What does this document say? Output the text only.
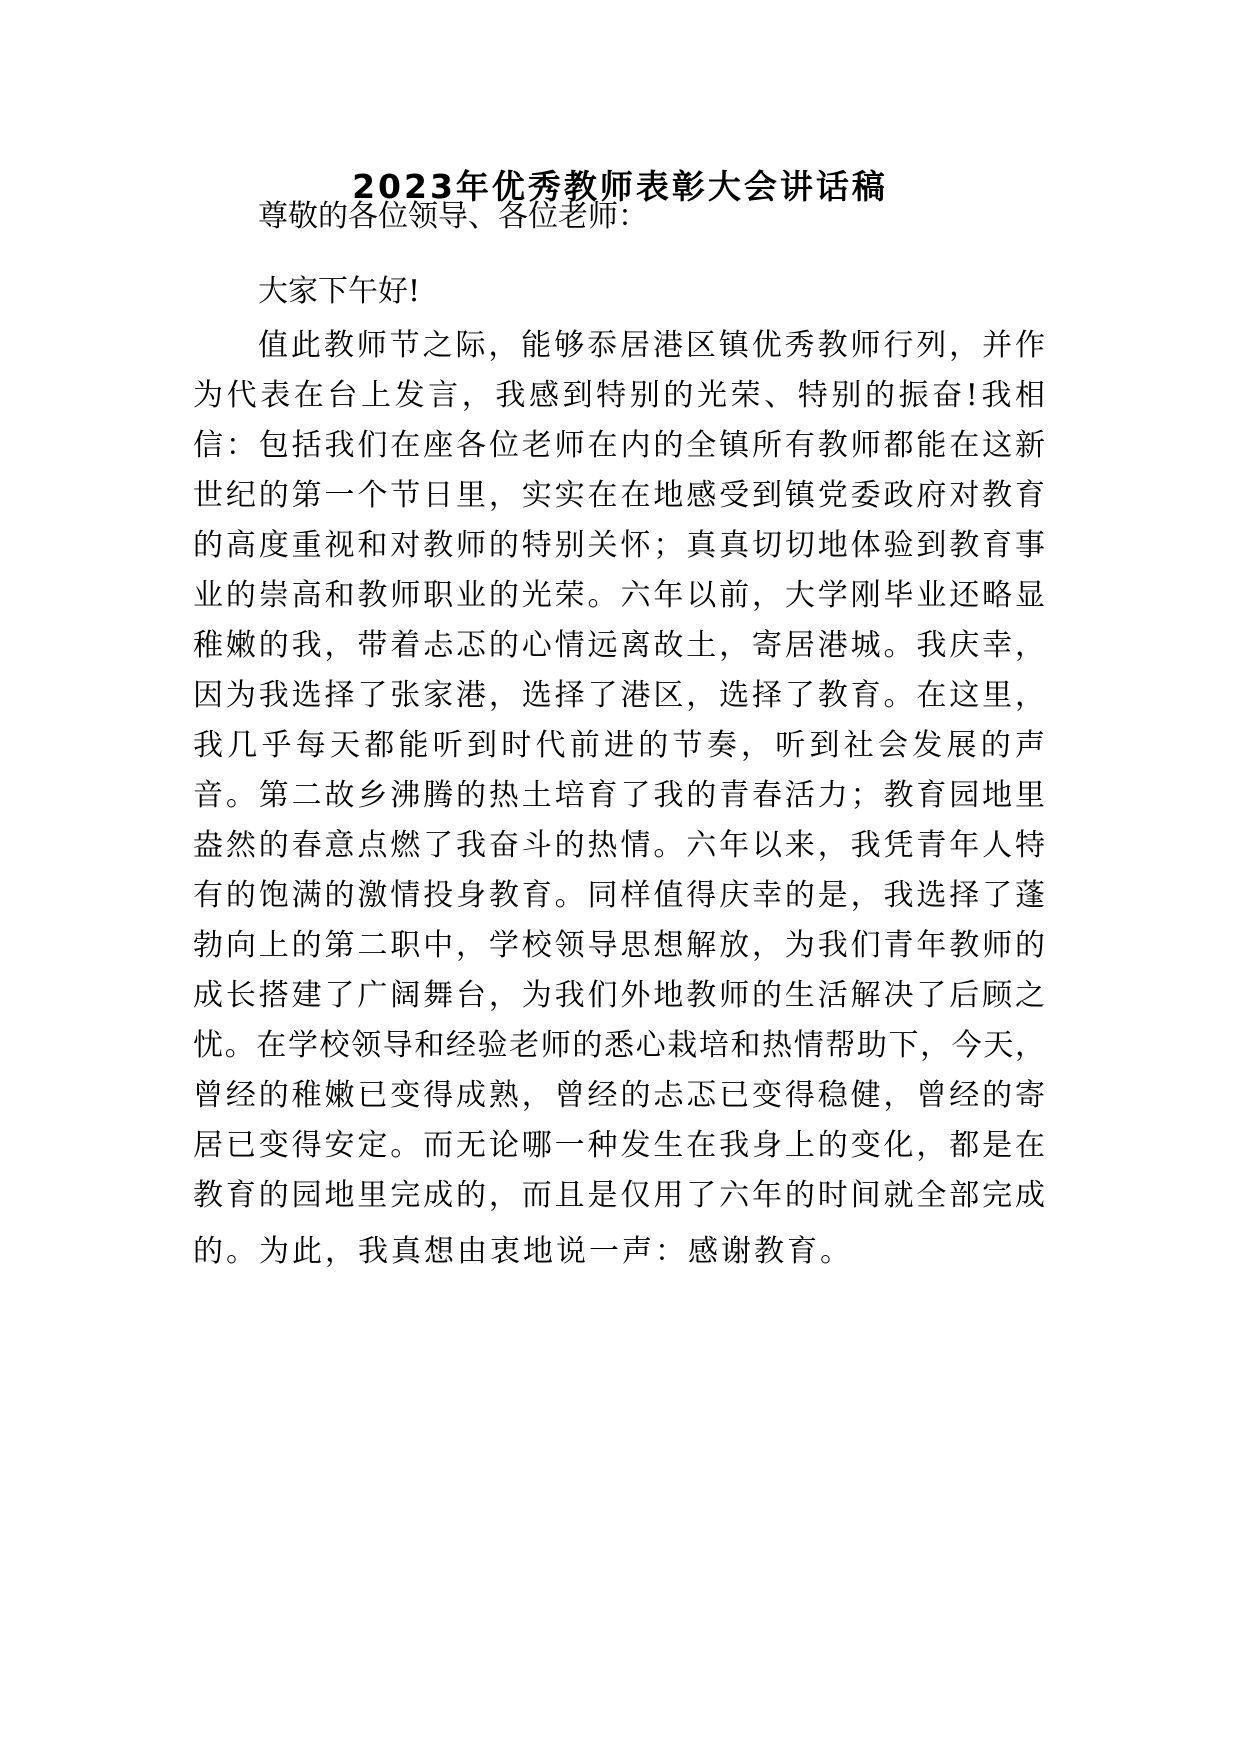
2023年优秀教师表彰大会讲话稿

尊敬的各位领导、各位老师：

大家下午好!

值此教师节之际，能够忝居港区镇优秀教师行列，并作

为代表在台上发言，我感到特别的光荣、特别的振奋!我相

信：包括我们在座各位老师在内的全镇所有教师都能在这新

世纪的第一个节日里，实实在在地感受到镇党委政府对教育

的高度重视和对教师的特别关怀；真真切切地体验到教育事

业的崇高和教师职业的光荣。六年以前，大学刚毕业还略显

稚嫩的我，带着忐忑的心情远离故土，寄居港城。我庆幸，

因为我选择了张家港，选择了港区，选择了教育。在这里，

我几乎每天都能听到时代前进的节奏，听到社会发展的声

音。第二故乡沸腾的热土培育了我的青春活力；教育园地里

盎然的春意点燃了我奋斗的热情。六年以来，我凭青年人特

有的饱满的激情投身教育。同样值得庆幸的是，我选择了蓬

勃向上的第二职中，学校领导思想解放，为我们青年教师的

成长搭建了广阔舞台，为我们外地教师的生活解决了后顾之

忧。在学校领导和经验老师的悉心栽培和热情帮助下，今天，

曾经的稚嫩已变得成熟，曾经的忐忑已变得稳健，曾经的寄

居已变得安定。而无论哪一种发生在我身上的变化，都是在

教育的园地里完成的，而且是仅用了六年的时间就全部完成

的。为此，我真想由衷地说一声：感谢教育。
